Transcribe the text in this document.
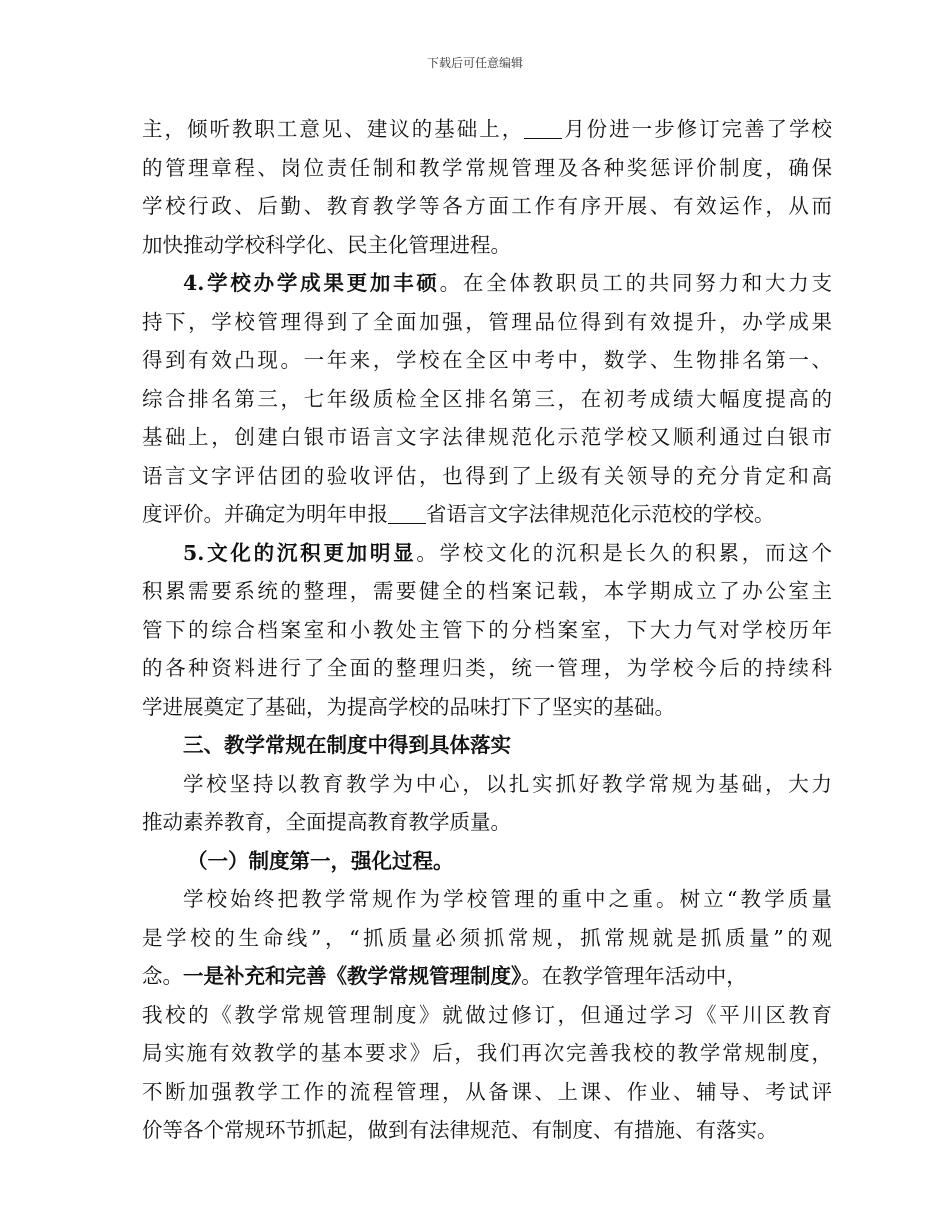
下载后可任意编辑
主，倾听教职工意见、建议的基础上， 月份进一步修订完善了学校
的管理章程、岗位责任制和教学常规管理及各种奖惩评价制度，确保
学校行政、后勤、教育教学等各方面工作有序开展、有效运作，从而
加快推动学校科学化、民主化管理进程。
4.学校办学成果更加丰硕。在全体教职员工的共同努力和大力支
持下，学校管理得到了全面加强，管理品位得到有效提升，办学成果
得到有效凸现。一年来，学校在全区中考中，数学、生物排名第一、
综合排名第三，七年级质检全区排名第三，在初考成绩大幅度提高的
基础上，创建白银市语言文字法律规范化示范学校又顺利通过白银市
语言文字评估团的验收评估，也得到了上级有关领导的充分肯定和高
度评价。并确定为明年申报 省语言文字法律规范化示范校的学校。
5.文化的沉积更加明显。学校文化的沉积是长久的积累，而这个
积累需要系统的整理，需要健全的档案记载，本学期成立了办公室主
管下的综合档案室和小教处主管下的分档案室，下大力气对学校历年
的各种资料进行了全面的整理归类，统一管理，为学校今后的持续科
学进展奠定了基础，为提高学校的品味打下了坚实的基础。
三、教学常规在制度中得到具体落实
学校坚持以教育教学为中心，以扎实抓好教学常规为基础，大力
推动素养教育，全面提高教育教学质量。
（一）制度第一，强化过程。
学校始终把教学常规作为学校管理的重中之重。树立“教学质量
是学校的生命线”，“抓质量必须抓常规，抓常规就是抓质量”的观
念。一是补充和完善《教学常规管理制度》。在教学管理年活动中，
我校的《教学常规管理制度》就做过修订，但通过学习《平川区教育
局实施有效教学的基本要求》后，我们再次完善我校的教学常规制度，
不断加强教学工作的流程管理，从备课、上课、作业、辅导、考试评
价等各个常规环节抓起，做到有法律规范、有制度、有措施、有落实。
